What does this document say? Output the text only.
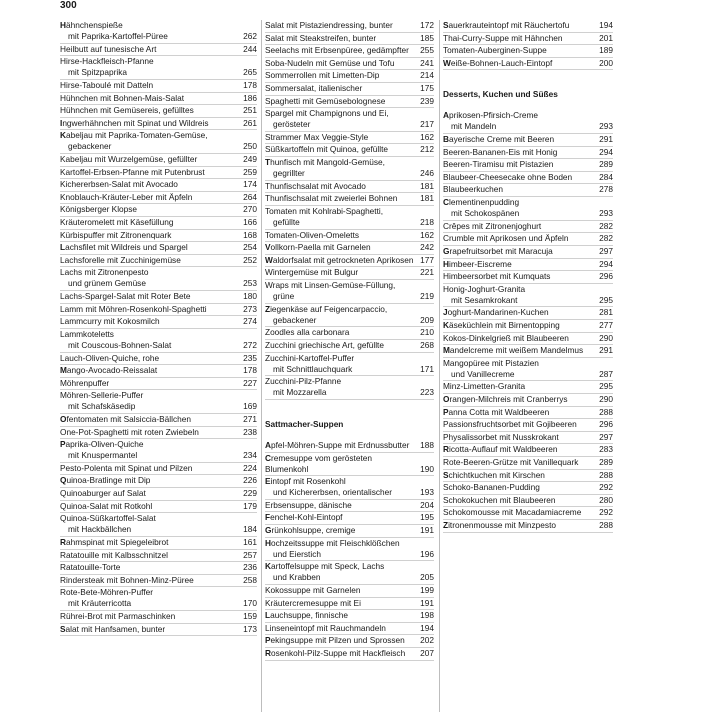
300
Hähnchenspieße
mit Paprika-Kartoffel-Püree	262
Heilbutt auf tunesische Art	244
Hirse-Hackfleisch-Pfanne
mit Spitzpaprika	265
Hirse-Taboulé mit Datteln	178
Hühnchen mit Bohnen-Mais-Salat	186
Hühnchen mit Gemüsereis, gefülltes	251
Ingwerhähnchen mit Spinat und Wildreis	261
Kabeljau mit Paprika-Tomaten-Gemüse,
gebackener	250
Kabeljau mit Wurzelgemüse, gefüllter	249
Kartoffel-Erbsen-Pfanne mit Putenbrust	259
Kichererbsen-Salat mit Avocado	174
Knoblauch-Kräuter-Leber mit Äpfeln	264
Königsberger Klopse	270
Kräuteromelett mit Käsefüllung	166
Kürbispuffer mit Zitronenquark	168
Lachsfilet mit Wildreis und Spargel	254
Lachsforelle mit Zucchinigemüse	252
Lachs mit Zitronenpesto
und grünem Gemüse	253
Lachs-Spargel-Salat mit Roter Bete	180
Lamm mit Möhren-Rosenkohl-Spaghetti	273
Lammcurry mit Kokosmilch	274
Lammkoteletts
mit Couscous-Bohnen-Salat	272
Lauch-Oliven-Quiche, rohe	235
Mango-Avocado-Reissalat	178
Möhrenpuffer	227
Möhren-Sellerie-Puffer
mit Schafskäsedip	169
Ofentomaten mit Salsiccia-Bällchen	271
One-Pot-Spaghetti mit roten Zwiebeln	238
Paprika-Oliven-Quiche
mit Knuspermantel	234
Pesto-Polenta mit Spinat und Pilzen	224
Quinoa-Bratlinge mit Dip	226
Quinoaburger auf Salat	229
Quinoa-Salat mit Rotkohl	179
Quinoa-Süßkartoffel-Salat
mit Hackbällchen	184
Rahmspinat mit Spiegeleibrot	161
Ratatouille mit Kalbsschnitzel	257
Ratatouille-Torte	236
Rindersteak mit Bohnen-Minz-Püree	258
Rote-Bete-Möhren-Puffer
mit Kräuterricotta	170
Rührei-Brot mit Parmaschinken	159
Salat mit Hanfsamen, bunter	173
Salat mit Pistaziendressing, bunter	172
Salat mit Steakstreifen, bunter	185
Seelachs mit Erbsenpüree, gedämpfter	255
Soba-Nudeln mit Gemüse und Tofu	241
Sommerrollen mit Limetten-Dip	214
Sommersalat, italienischer	175
Spaghetti mit Gemüsebolognese	239
Spargel mit Champignons und Ei,
gerösteter	217
Strammer Max Veggie-Style	162
Süßkartoffeln mit Quinoa, gefüllte	212
Thunfisch mit Mangold-Gemüse,
gegrillter	246
Thunfischsalat mit Avocado	181
Thunfischsalat mit zweierlei Bohnen	181
Tomaten mit Kohlrabi-Spaghetti,
gefüllte	218
Tomaten-Oliven-Omeletts	162
Vollkorn-Paella mit Garnelen	242
Waldorfsalat mit getrockneten Aprikosen 177
Wintergemüse mit Bulgur	221
Wraps mit Linsen-Gemüse-Füllung,
grüne	219
Ziegenkäse auf Feigencarpaccio,
gebackener	209
Zoodles alla carbonara	210
Zucchini griechische Art, gefüllte	268
Zucchini-Kartoffel-Puffer
mit Schnittlauchquark	171
Zucchini-Pilz-Pfanne
mit Mozzarella	223
Sattmacher-Suppen
Apfel-Möhren-Suppe mit Erdnussbutter	188
Cremesuppe vom gerösteten Blumenkohl	190
Eintopf mit Rosenkohl
und Kichererbsen, orientalischer	193
Erbsensuppe, dänische	204
Fenchel-Kohl-Eintopf	195
Grünkohlsuppe, cremige	191
Hochzeitssuppe mit Fleischklößchen
und Eierstich	196
Kartoffelsuppe mit Speck, Lachs
und Krabben	205
Kokossuppe mit Garnelen	199
Kräutercremesuppe mit Ei	191
Lauchsuppe, finnische	198
Linseneintopf mit Rauchmandeln	194
Pekingsuppe mit Pilzen und Sprossen	202
Rosenkohl-Pilz-Suppe mit Hackfleisch	207
Sauerkrauteintopf mit Räuchertofu	194
Thai-Curry-Suppe mit Hähnchen	201
Tomaten-Auberginen-Suppe	189
Weiße-Bohnen-Lauch-Eintopf	200
Desserts, Kuchen und Süßes
Aprikosen-Pfirsich-Creme
mit Mandeln	293
Bayerische Creme mit Beeren	291
Beeren-Bananen-Eis mit Honig	294
Beeren-Tiramisu mit Pistazien	289
Blaubeer-Cheesecake ohne Boden	284
Blaubeerkuchen	278
Clementinenpudding
mit Schokospänen	293
Crêpes mit Zitronenjoghurt	282
Crumble mit Aprikosen und Äpfeln	282
Grapefruitsorbet mit Maracuja	297
Himbeer-Eiscreme	294
Himbeersorbet mit Kumquats	296
Honig-Joghurt-Granita
mit Sesamkrokant	295
Joghurt-Mandarinen-Kuchen	281
Käseküchlein mit Birnentopping	277
Kokos-Dinkelgrieß mit Blaubeeren	290
Mandelcreme mit weißem Mandelmus	291
Mangopüree mit Pistazien
und Vanillecreme	287
Minz-Limetten-Granita	295
Orangen-Milchreis mit Cranberrys	290
Panna Cotta mit Waldbeeren	288
Passionsfruchtsorbet mit Gojibeeren	296
Physalissorbet mit Nusskrokant	297
Ricotta-Auflauf mit Waldbeeren	283
Rote-Beeren-Grütze mit Vanillequark	289
Schichtkuchen mit Kirschen	288
Schoko-Bananen-Pudding	292
Schokokuchen mit Blaubeeren	280
Schokomousse mit Macadamiacreme	292
Zitronenmousse mit Minzpesto	288
